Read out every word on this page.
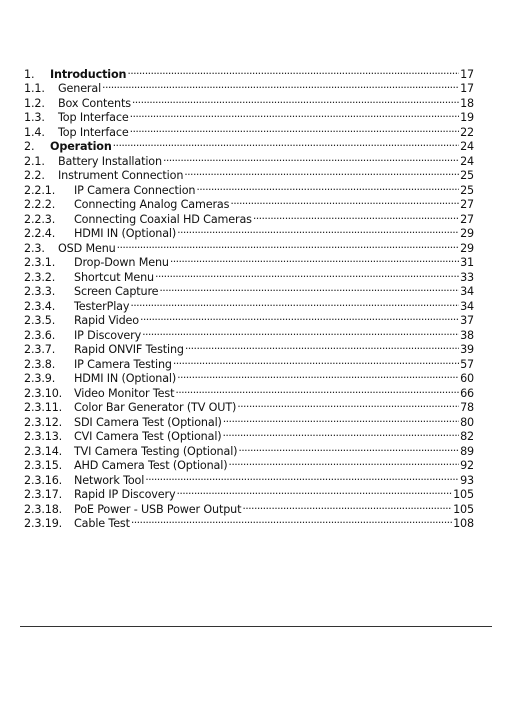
1.	Introduction .....	17
1.1.	General .....	17
1.2.	Box Contents .....	18
1.3.	Top Interface .....	19
1.4.	Top Interface .....	22
2.	Operation .....	24
2.1.	Battery Installation .....	24
2.2.	Instrument Connection .....	25
2.2.1.	IP Camera Connection .....	25
2.2.2.	Connecting Analog Cameras .....	27
2.2.3.	Connecting Coaxial HD Cameras .....	27
2.2.4.	HDMI IN (Optional) .....	29
2.3.	OSD Menu .....	29
2.3.1.	Drop-Down Menu .....	31
2.3.2.	Shortcut Menu .....	33
2.3.3.	Screen Capture .....	34
2.3.4.	TesterPlay .....	34
2.3.5.	Rapid Video .....	37
2.3.6.	IP Discovery .....	38
2.3.7.	Rapid ONVIF Testing .....	39
2.3.8.	IP Camera Testing .....	57
2.3.9.	HDMI IN (Optional) .....	60
2.3.10.	Video Monitor Test .....	66
2.3.11.	Color Bar Generator (TV OUT) .....	78
2.3.12.	SDI Camera Test (Optional) .....	80
2.3.13.	CVI Camera Test (Optional) .....	82
2.3.14.	TVI Camera Testing (Optional) .....	89
2.3.15.	AHD Camera Test (Optional) .....	92
2.3.16.	Network Tool .....	93
2.3.17.	Rapid IP Discovery .....	105
2.3.18.	PoE Power - USB Power Output .....	105
2.3.19.	Cable Test .....	108
